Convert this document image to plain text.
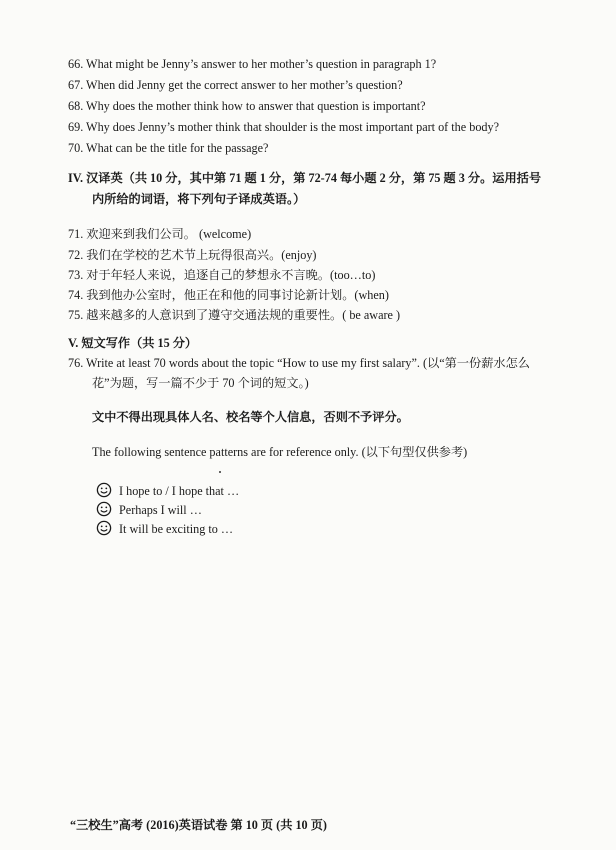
66. What might be Jenny’s answer to her mother’s question in paragraph 1?
67. When did Jenny get the correct answer to her mother’s question?
68. Why does the mother think how to answer that question is important?
69. Why does Jenny’s mother think that shoulder is the most important part of the body?
70. What can be the title for the passage?
IV. 汉译英（共 10 分，其中第 71 题 1 分，第 72-74 每小题 2 分，第 75 题 3 分。运用括号
内所给的词语，将下列句子译成英语。）
71. 欢迎来到我们公司。 (welcome)
72. 我们在学校的艺术节上玩得很高兴。(enjoy)
73. 对于年轻人来说，追逐自己的梦想永不言晚。(too…to)
74. 我到他办公室时，他正在和他的同事讨论新计划。(when)
75. 越来越多的人意识到了遵守交通法规的重要性。( be aware )
V. 短文写作（共 15 分）
76. Write at least 70 words about the topic “How to use my first salary”. (以“第一份薪水怎么
花”为题，写一篇不少于 70 个词的短文。)
文中不得出现具体人名、校名等个人信息，否则不予评分。
The following sentence patterns are for reference only. (以下句型仅供参考)
I hope to / I hope that …
Perhaps I will …
It will be exciting to …
“三校生”高考 (2016)英语试卷 第 10 页 (共 10 页)
